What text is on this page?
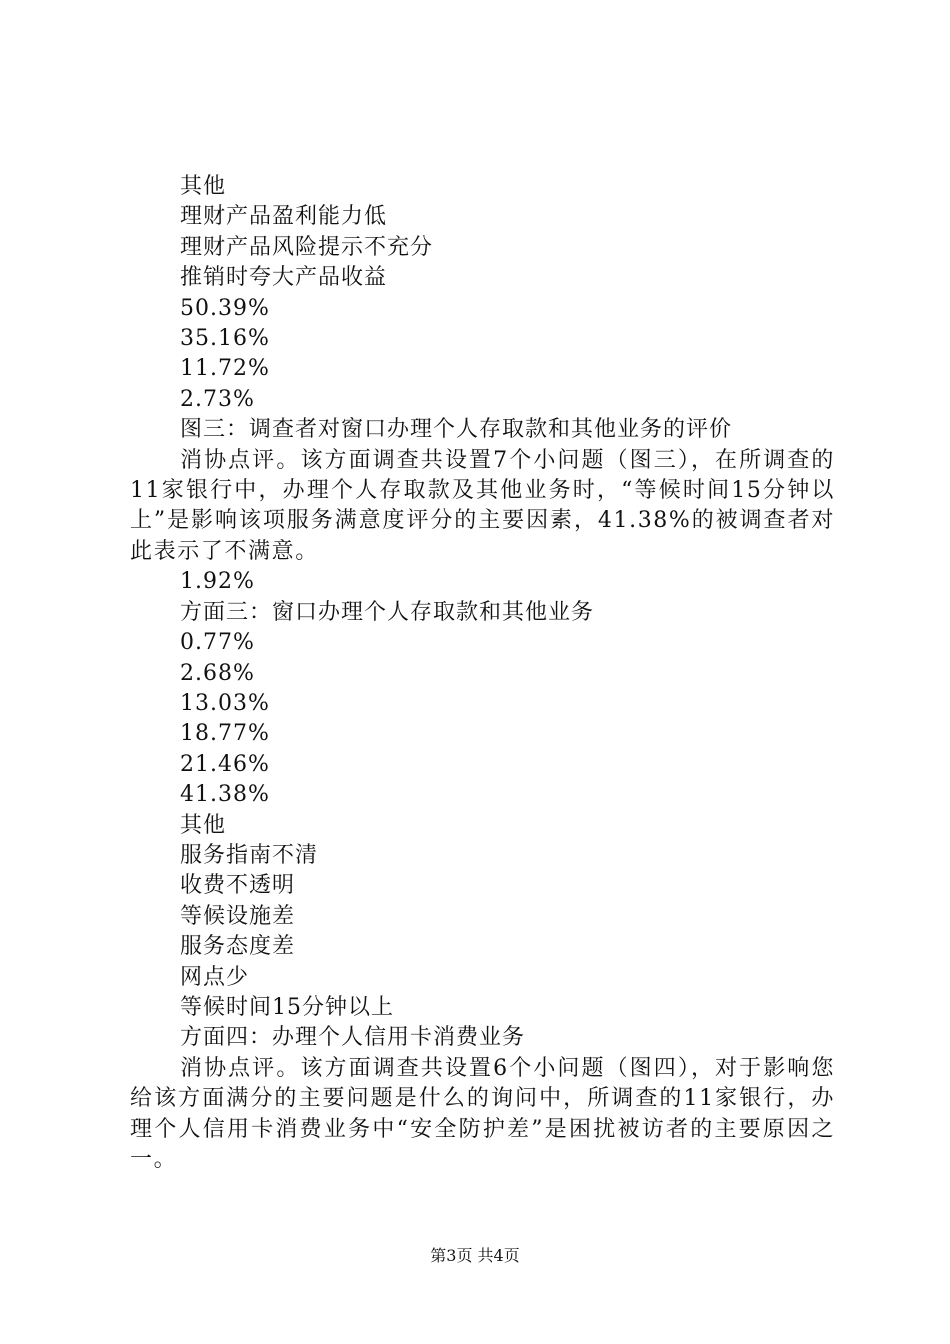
其他
理财产品盈利能力低
理财产品风险提示不充分
推销时夸大产品收益
50.39%
35.16%
11.72%
2.73%
图三：调查者对窗口办理个人存取款和其他业务的评价

消协点评。该方面调查共设置7个小问题（图三），在所调查的11家银行中，办理个人存取款及其他业务时，“等候时间15分钟以上”是影响该项服务满意度评分的主要因素，41.38%的被调查者对此表示了不满意。

1.92%
方面三：窗口办理个人存取款和其他业务
0.77%
2.68%
13.03%
18.77%
21.46%
41.38%
其他
服务指南不清
收费不透明
等候设施差
服务态度差
网点少
等候时间15分钟以上
方面四：办理个人信用卡消费业务

消协点评。该方面调查共设置6个小问题（图四），对于影响您给该方面满分的主要问题是什么的询问中，所调查的11家银行，办理个人信用卡消费业务中“安全防护差”是困扰被访者的主要原因之一。

第3页 共4页
